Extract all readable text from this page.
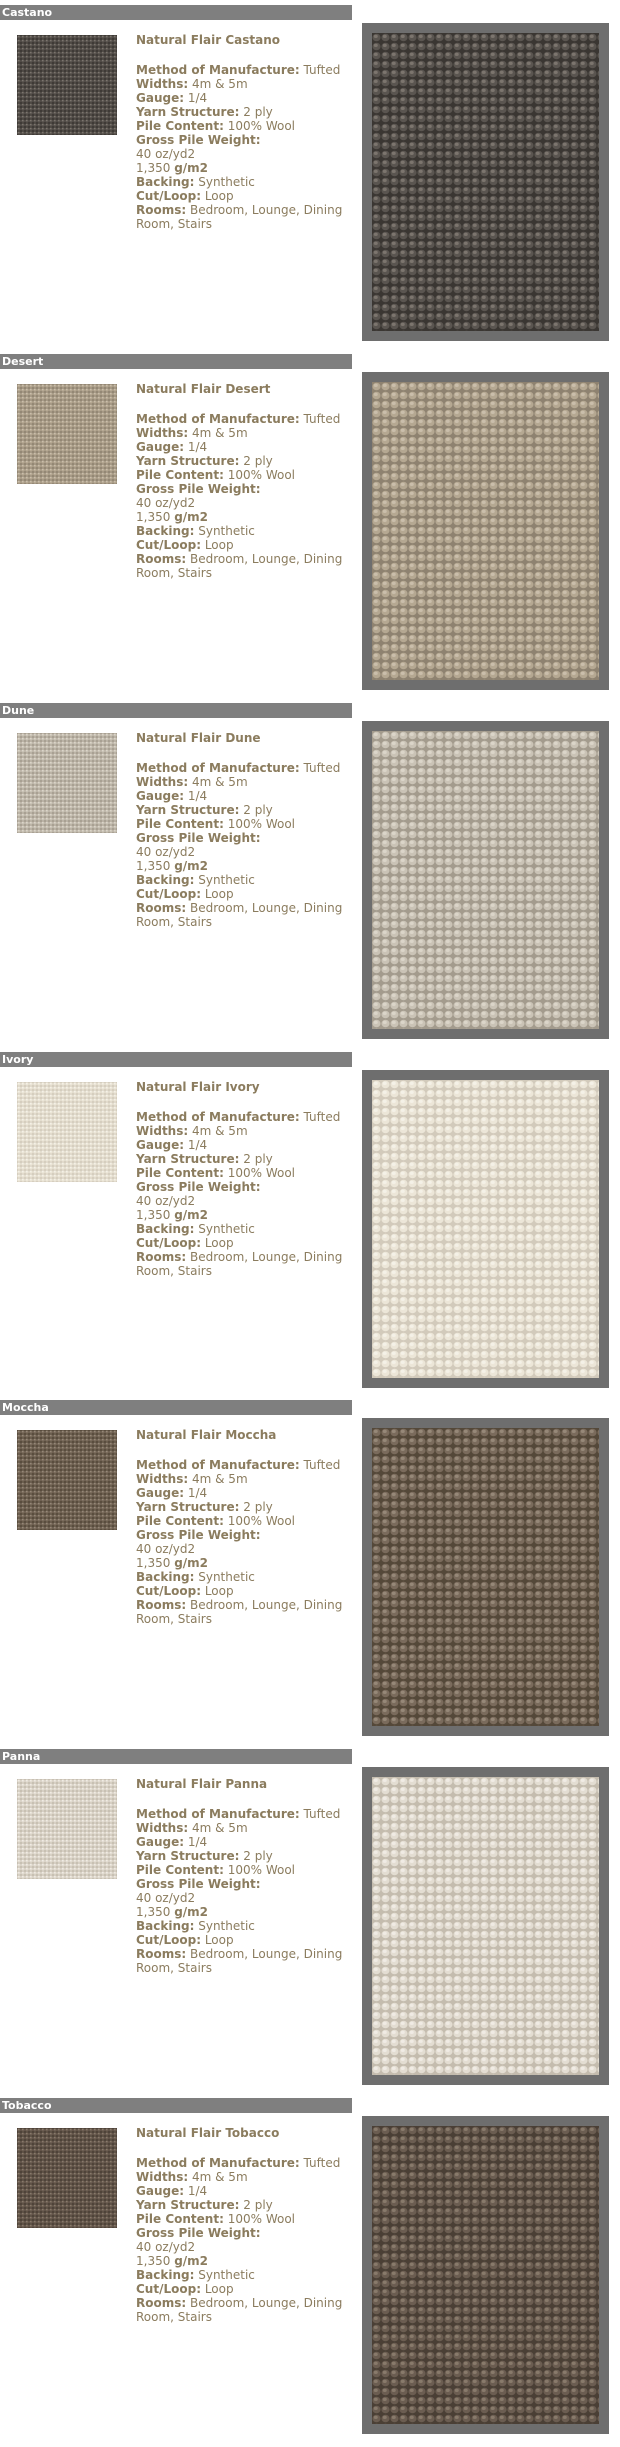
Castano
Natural Flair Castano
Method of Manufacture: Tufted
Widths: 4m & 5m
Gauge: 1/4
Yarn Structure: 2 ply
Pile Content: 100% Wool
Gross Pile Weight:
40 oz/yd2
1,350 g/m2
Backing: Synthetic
Cut/Loop: Loop
Rooms: Bedroom, Lounge, Dining Room, Stairs
Desert
Natural Flair Desert
Method of Manufacture: Tufted
Widths: 4m & 5m
Gauge: 1/4
Yarn Structure: 2 ply
Pile Content: 100% Wool
Gross Pile Weight:
40 oz/yd2
1,350 g/m2
Backing: Synthetic
Cut/Loop: Loop
Rooms: Bedroom, Lounge, Dining Room, Stairs
Dune
Natural Flair Dune
Method of Manufacture: Tufted
Widths: 4m & 5m
Gauge: 1/4
Yarn Structure: 2 ply
Pile Content: 100% Wool
Gross Pile Weight:
40 oz/yd2
1,350 g/m2
Backing: Synthetic
Cut/Loop: Loop
Rooms: Bedroom, Lounge, Dining Room, Stairs
Ivory
Natural Flair Ivory
Method of Manufacture: Tufted
Widths: 4m & 5m
Gauge: 1/4
Yarn Structure: 2 ply
Pile Content: 100% Wool
Gross Pile Weight:
40 oz/yd2
1,350 g/m2
Backing: Synthetic
Cut/Loop: Loop
Rooms: Bedroom, Lounge, Dining Room, Stairs
Moccha
Natural Flair Moccha
Method of Manufacture: Tufted
Widths: 4m & 5m
Gauge: 1/4
Yarn Structure: 2 ply
Pile Content: 100% Wool
Gross Pile Weight:
40 oz/yd2
1,350 g/m2
Backing: Synthetic
Cut/Loop: Loop
Rooms: Bedroom, Lounge, Dining Room, Stairs
Panna
Natural Flair Panna
Method of Manufacture: Tufted
Widths: 4m & 5m
Gauge: 1/4
Yarn Structure: 2 ply
Pile Content: 100% Wool
Gross Pile Weight:
40 oz/yd2
1,350 g/m2
Backing: Synthetic
Cut/Loop: Loop
Rooms: Bedroom, Lounge, Dining Room, Stairs
Tobacco
Natural Flair Tobacco
Method of Manufacture: Tufted
Widths: 4m & 5m
Gauge: 1/4
Yarn Structure: 2 ply
Pile Content: 100% Wool
Gross Pile Weight:
40 oz/yd2
1,350 g/m2
Backing: Synthetic
Cut/Loop: Loop
Rooms: Bedroom, Lounge, Dining Room, Stairs
